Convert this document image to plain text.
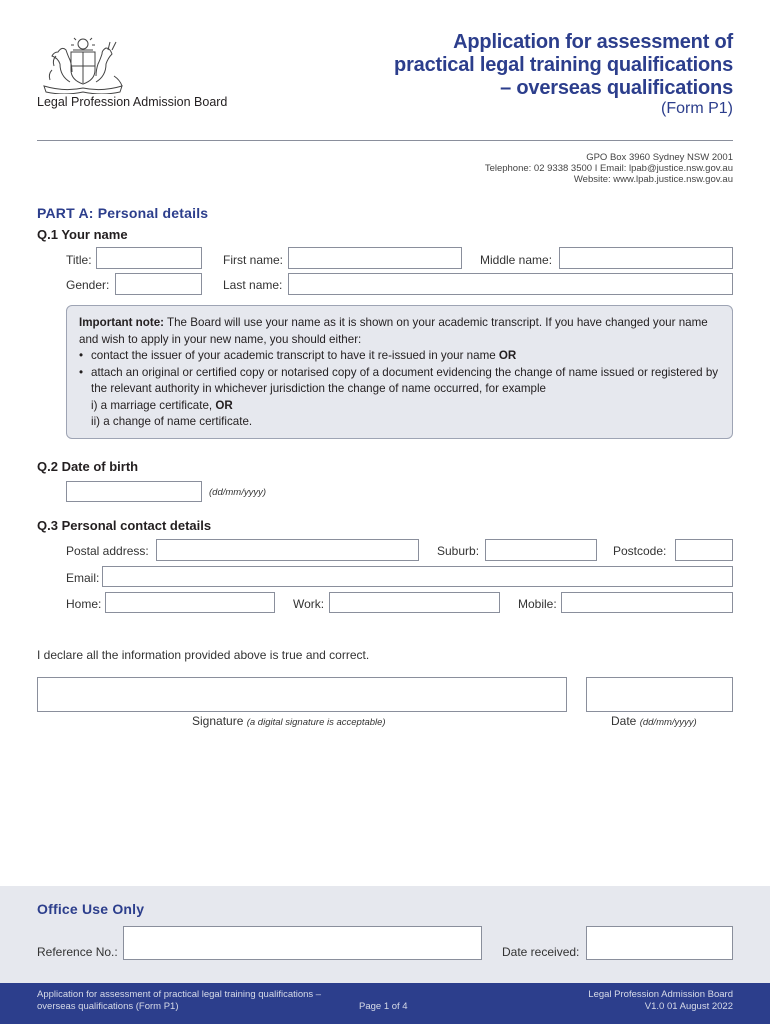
Legal Profession Admission Board
Application for assessment of
practical legal training qualifications
– overseas qualifications
(Form P1)
GPO Box 3960 Sydney NSW 2001
Telephone: 02 9338 3500 I Email: lpab@justice.nsw.gov.au
Website: www.lpab.justice.nsw.gov.au
PART A: Personal details
Q.1 Your name
Title:	First name:	Middle name:
Gender:	Last name:
Important note: The Board will use your name as it is shown on your academic transcript. If you have changed your name and wish to apply in your new name, you should either:
• contact the issuer of your academic transcript to have it re-issued in your name OR
• attach an original or certified copy or notarised copy of a document evidencing the change of name issued or registered by the relevant authority in whichever jurisdiction the change of name occurred, for example
i) a marriage certificate, OR
ii) a change of name certificate.
Q.2 Date of birth
(dd/mm/yyyy)
Q.3 Personal contact details
Postal address:	Suburb:	Postcode:
Email:
Home:	Work:	Mobile:
I declare all the information provided above is true and correct.
Signature (a digital signature is acceptable)	Date (dd/mm/yyyy)
Office Use Only
Reference No.:	Date received:
Application for assessment of practical legal training qualifications –
overseas qualifications (Form P1)	Page 1 of 4
Legal Profession Admission Board
V1.0 01 August 2022
